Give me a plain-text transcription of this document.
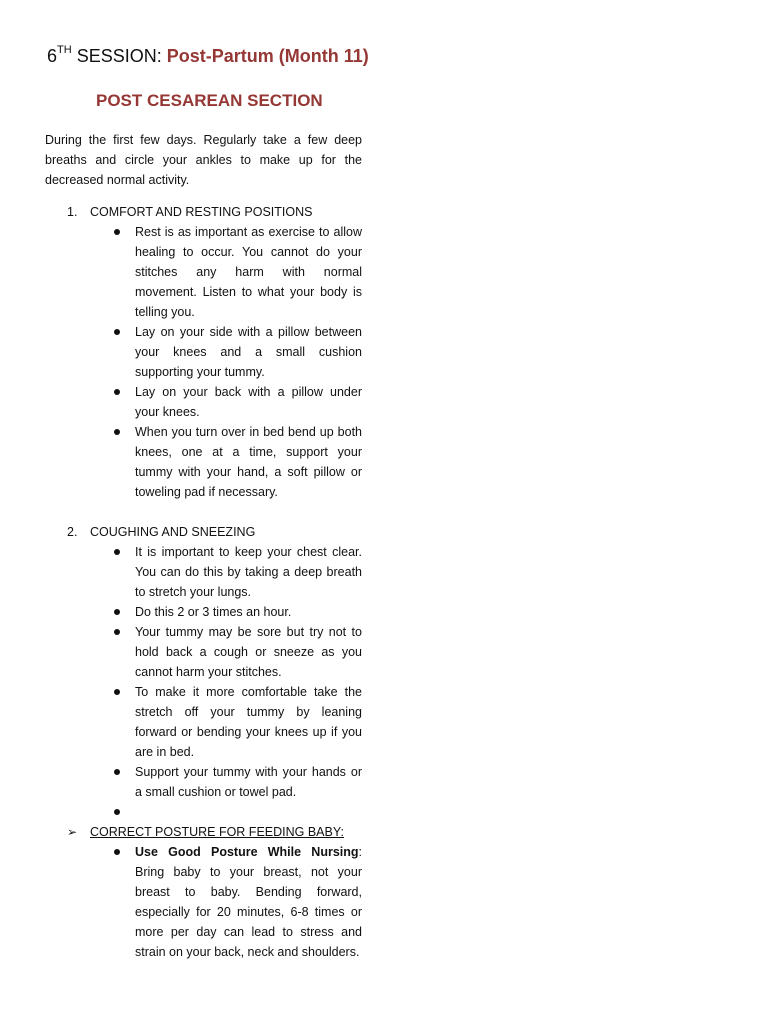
6TH SESSION: Post-Partum (Month 11)
POST CESAREAN SECTION

During the first few days. Regularly take a few deep breaths and circle your ankles to make up for the decreased normal activity.

1. COMFORT AND RESTING POSITIONS
Rest is as important as exercise to allow healing to occur. You cannot do your stitches any harm with normal movement. Listen to what your body is telling you.
Lay on your side with a pillow between your knees and a small cushion supporting your tummy.
Lay on your back with a pillow under your knees.
When you turn over in bed bend up both knees, one at a time, support your tummy with your hand, a soft pillow or toweling pad if necessary.
2. COUGHING AND SNEEZING
It is important to keep your chest clear. You can do this by taking a deep breath to stretch your lungs.
Do this 2 or 3 times an hour.
Your tummy may be sore but try not to hold back a cough or sneeze as you cannot harm your stitches.
To make it more comfortable take the stretch off your tummy by leaning forward or bending your knees up if you are in bed.
Support your tummy with your hands or a small cushion or towel pad.
➢ CORRECT POSTURE FOR FEEDING BABY:
Use Good Posture While Nursing: Bring baby to your breast, not your breast to baby. Bending forward, especially for 20 minutes, 6-8 times or more per day can lead to stress and strain on your back, neck and shoulders.
